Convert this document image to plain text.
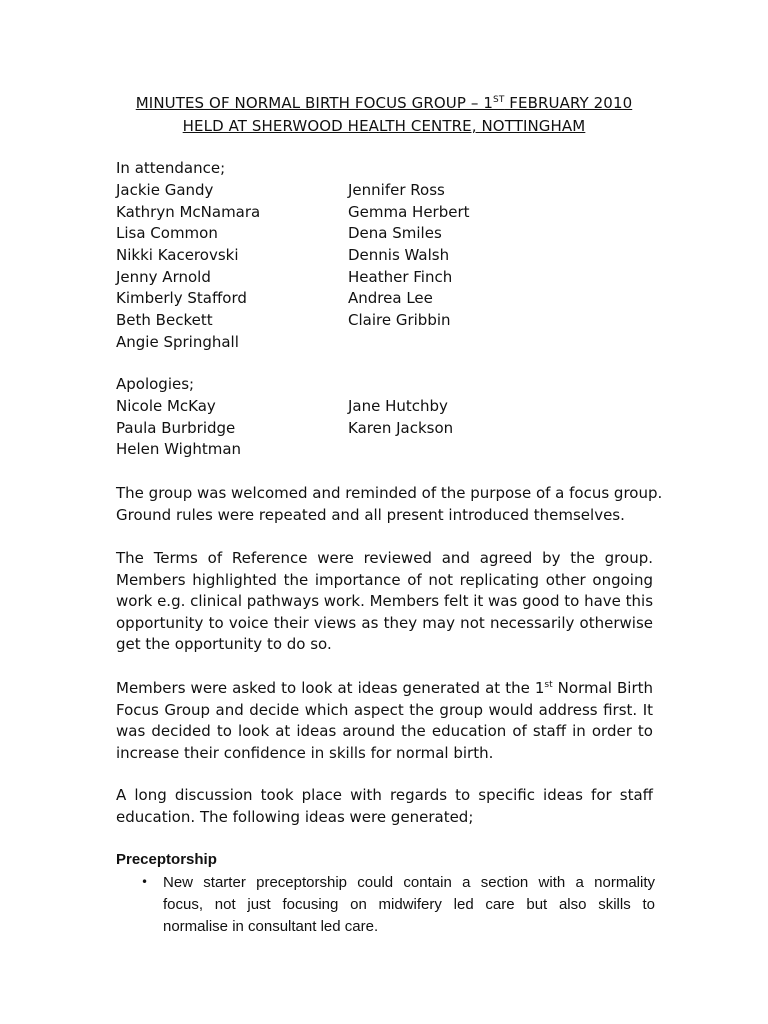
MINUTES OF NORMAL BIRTH FOCUS GROUP – 1ST FEBRUARY 2010
HELD AT SHERWOOD HEALTH CENTRE, NOTTINGHAM
In attendance;
Jackie Gandy	Jennifer Ross
Kathryn McNamara	Gemma Herbert
Lisa Common	Dena Smiles
Nikki Kacerovski	Dennis Walsh
Jenny Arnold	Heather Finch
Kimberly Stafford	Andrea Lee
Beth Beckett	Claire Gribbin
Angie Springhall
Apologies;
Nicole McKay	Jane Hutchby
Paula Burbridge	Karen Jackson
Helen Wightman
The group was welcomed and reminded of the purpose of a focus group.
Ground rules were repeated and all present introduced themselves.
The Terms of Reference were reviewed and agreed by the group.
Members highlighted the importance of not replicating other ongoing
work e.g. clinical pathways work. Members felt it was good to have this
opportunity to voice their views as they may not necessarily otherwise
get the opportunity to do so.
Members were asked to look at ideas generated at the 1st Normal Birth
Focus Group and decide which aspect the group would address first. It
was decided to look at ideas around the education of staff in order to
increase their confidence in skills for normal birth.
A long discussion took place with regards to specific ideas for staff
education. The following ideas were generated;
Preceptorship
• New starter preceptorship could contain a section with a normality
focus, not just focusing on midwifery led care but also skills to
normalise in consultant led care.
